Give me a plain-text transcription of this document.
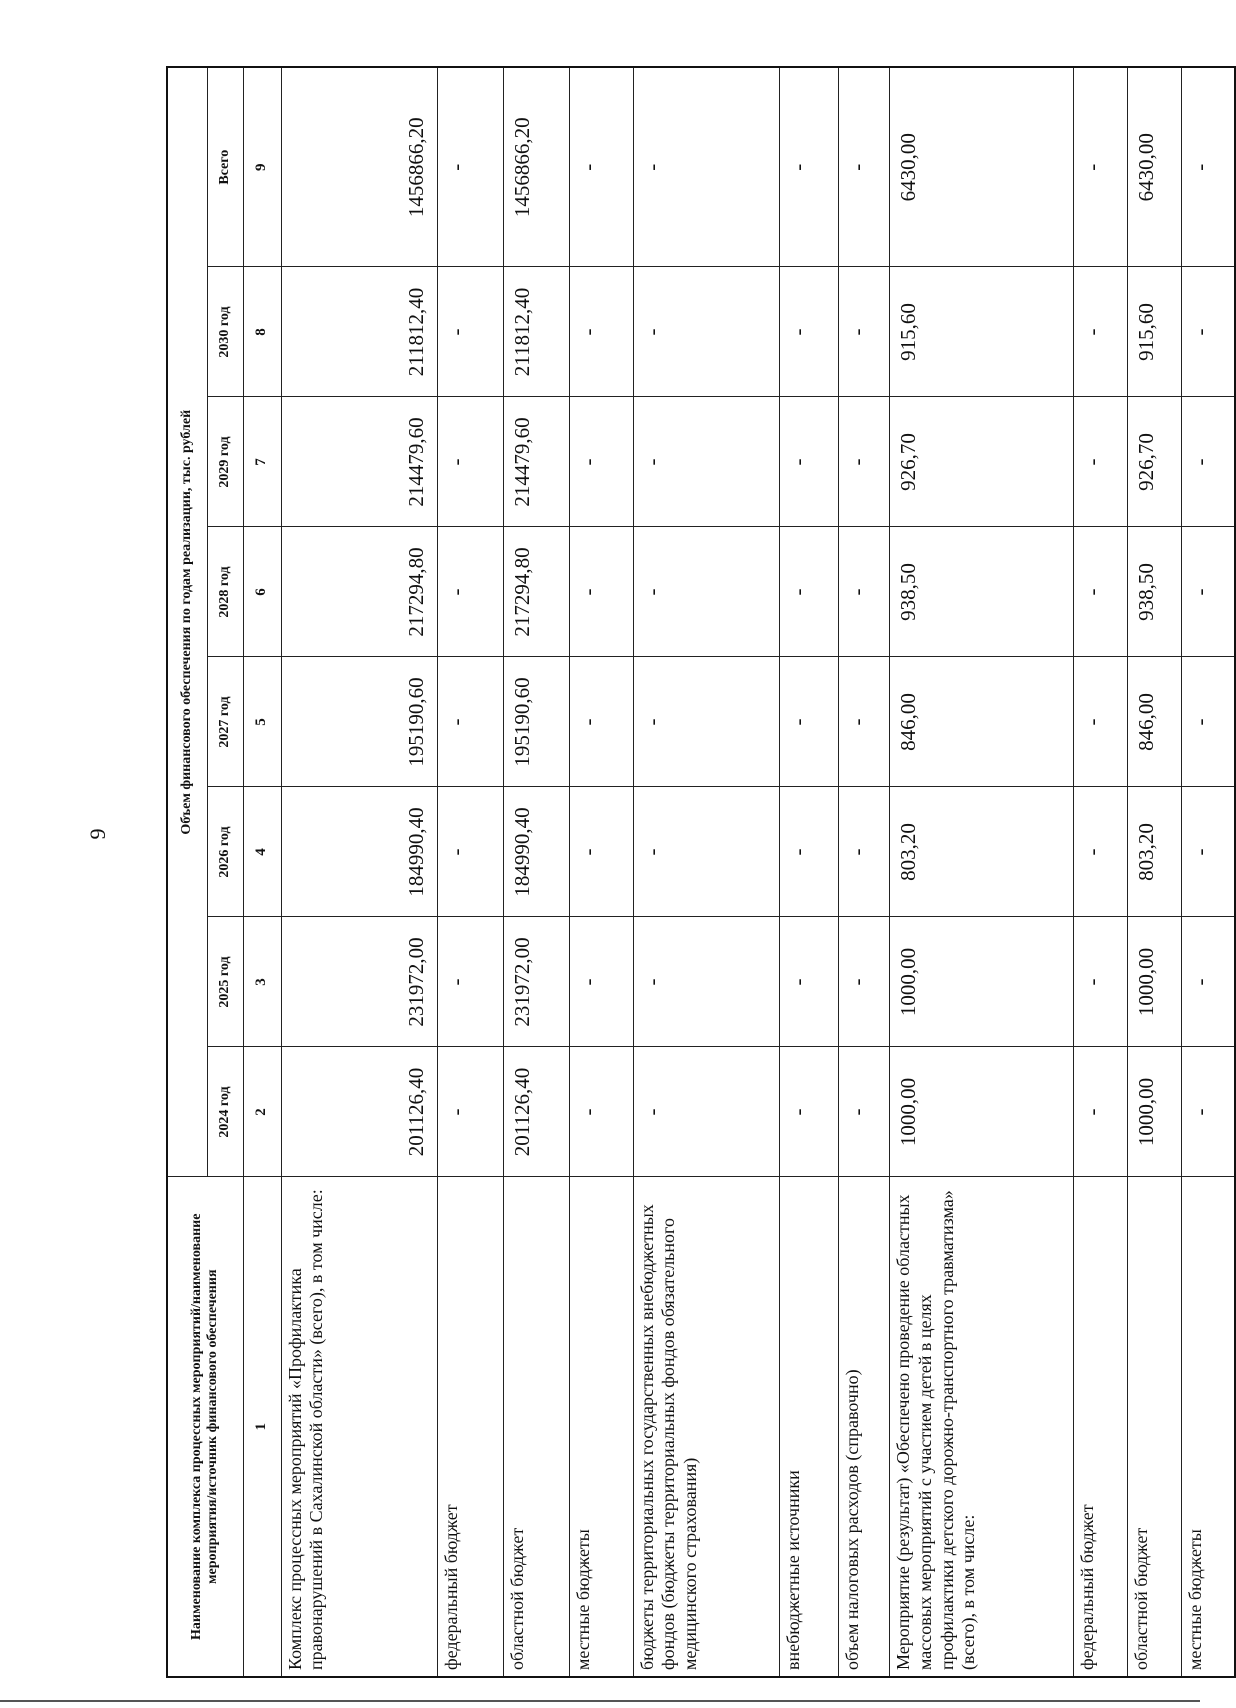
9
Наименование комплекса процессных мероприятий/наименование мероприятия/источник финансового обеспечения	Объем финансового обеспечения по годам реализации, тыс. рублей							
	2024 год	2025 год	2026 год	2027 год	2028 год	2029 год	2030 год	Всего
1	2	3	4	5	6	7	8	9
Комплекс процессных мероприятий «Профилактика правонарушений в Сахалинской области» (всего), в том числе:	201126,40	231972,00	184990,40	195190,60	217294,80	214479,60	211812,40	1456866,20
федеральный бюджет	-	-	-	-	-	-	-	-
областной бюджет	201126,40	231972,00	184990,40	195190,60	217294,80	214479,60	211812,40	1456866,20
местные бюджеты	-	-	-	-	-	-	-	-
бюджеты территориальных государственных внебюджетных фондов (бюджеты территориальных фондов обязательного медицинского страхования)	-	-	-	-	-	-	-	-
внебюджетные источники	-	-	-	-	-	-	-	-
объем налоговых расходов (справочно)	-	-	-	-	-	-	-	-
Мероприятие (результат) «Обеспечено проведение областных массовых мероприятий с участием детей в целях профилактики детского дорожно-транспортного травматизма» (всего), в том числе:	1000,00	1000,00	803,20	846,00	938,50	926,70	915,60	6430,00
федеральный бюджет	-	-	-	-	-	-	-	-
областной бюджет	1000,00	1000,00	803,20	846,00	938,50	926,70	915,60	6430,00
местные бюджеты	-	-	-	-	-	-	-	-
